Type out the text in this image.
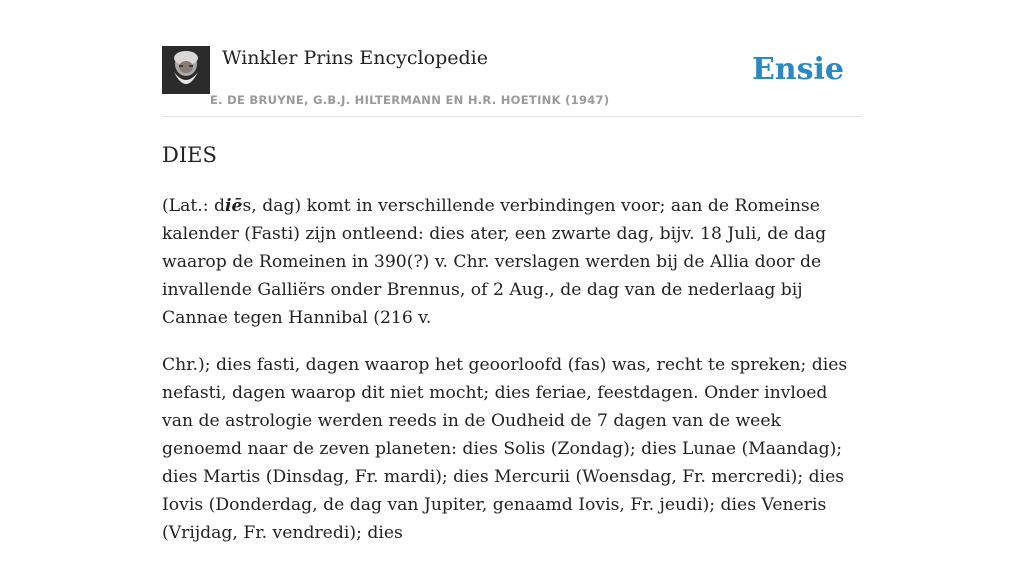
Winkler Prins Encyclopedie
E. DE BRUYNE, G.B.J. HILTERMANN EN H.R. HOETINK (1947)
Ensie
DIES

(Lat.: diēs, dag) komt in verschillende verbindingen voor; aan de Romeinse kalender (Fasti) zijn ontleend: dies ater, een zwarte dag, bijv. 18 Juli, de dag waarop de Romeinen in 390(?) v. Chr. verslagen werden bij de Allia door de invallende Galliërs onder Brennus, of 2 Aug., de dag van de nederlaag bij Cannae tegen Hannibal (216 v.

Chr.); dies fasti, dagen waarop het geoorloofd (fas) was, recht te spreken; dies nefasti, dagen waarop dit niet mocht; dies feriae, feestdagen. Onder invloed van de astrologie werden reeds in de Oudheid de 7 dagen van de week genoemd naar de zeven planeten: dies Solis (Zondag); dies Lunae (Maandag); dies Martis (Dinsdag, Fr. mardi); dies Mercurii (Woensdag, Fr. mercredi); dies Iovis (Donderdag, de dag van Jupiter, genaamd Iovis, Fr. jeudi); dies Veneris (Vrijdag, Fr. vendredi); dies
